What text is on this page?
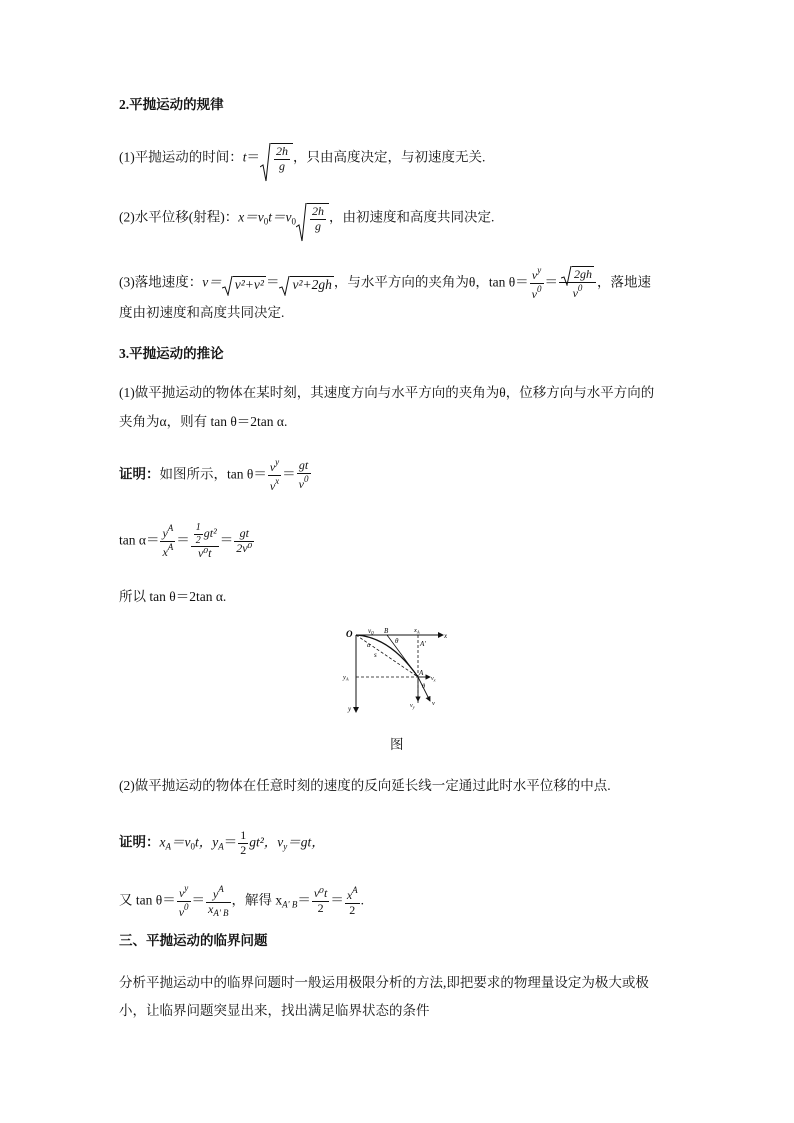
2.平抛运动的规律
(1)平抛运动的时间：$t= \frac{2h}{g}$ ，只由高度决定，与初速度无关.
(2)水平位移(射程)：$x=v_0t=v_0 \frac{2h}{g}$ ，由初速度和高度共同决定.
(3)落地速度：v＝ v²+v² ＝ v²+2gh ，与水平方向的夹角为θ，$\tan \theta= \frac{v^y}{v^0} = \frac{2gh}{v^0}$ ，落地速
度由初速度和高度共同决定.
3.平抛运动的推论
(1)做平抛运动的物体在某时刻，其速度方向与水平方向的夹角为θ，位移方向与水平方向的
夹角为α，则有 tan θ＝2tan α.
证明：如图所示，$\tan \theta= \frac{v^y}{v^x} = \frac{gt}{v^0}$
$\tan \alpha= \frac{y^A}{x^A} = \frac{\frac{1}{2} gt^2}{\text{v⁰t}} = \frac{gt}{\text{2v⁰}}$
所以 tan θ＝2tan α.
O $v_0$ B
θ
$x_A$	x
A'
α
s
A
$v_x$
θ
$y_A$
$v_y$	v
y
图
(2)做平抛运动的物体在任意时刻的速度的反向延长线一定通过此时水平位移的中点.
证明：$x_A=v_0t$，$y_A= \frac{1}{2} gt^2$，$v_y=gt$，
又 $\tan \theta= \frac{v^y}{v^0} = \frac{y^A}{x_{A' B}}$ ，解得 $x_{A' B}= \frac{\text{v⁰t}}{2} = \frac{x^A}{2}$ .
三、平抛运动的临界问题
分析平抛运动中的临界问题时一般运用极限分析的方法,即把要求的物理量设定为极大或极
小，让临界问题突显出来，找出满足临界状态的条件
